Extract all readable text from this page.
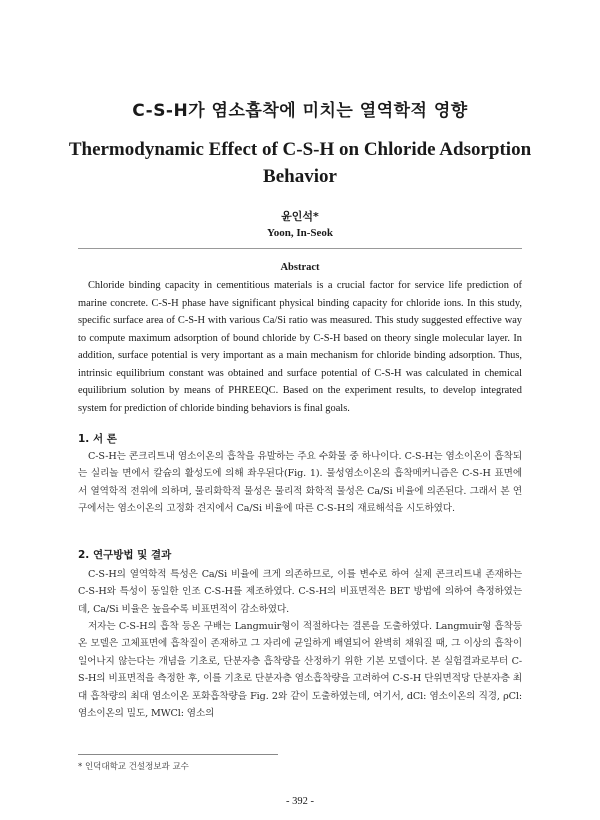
C-S-H가 염소흡착에 미치는 열역학적 영향
Thermodynamic Effect of C-S-H on Chloride Adsorption Behavior
윤인석*
Yoon, In-Seok
Abstract

Chloride binding capacity in cementitious materials is a crucial factor for service life prediction of marine concrete. C-S-H phase have significant physical binding capacity for chloride ions. In this study, specific surface area of C-S-H with various Ca/Si ratio was measured. This study suggested effective way to compute maximum adsorption of bound chloride by C-S-H based on theory single molecular layer. In addition, surface potential is very important as a main mechanism for chloride binding adsorption. Thus, intrinsic equilibrium constant was obtained and surface potential of C-S-H was calculated in chemical equilibrium solution by means of PHREEQC. Based on the experiment results, to develop integrated system for prediction of chloride binding behaviors is final goals.

1. 서 론

C-S-H는 콘크리트내 염소이온의 흡착을 유발하는 주요 수화물 중 하나이다. C-S-H는 염소이온이 흡착되는 실리놀 면에서 칼슘의 활성도에 의해 좌우된다(Fig. 1). 물성염소이온의 흡착메커니즘은 C-S-H 표면에서 열역학적 전위에 의하며, 물리화학적 물성은 물리적 화학적 물성은 Ca/Si 비율에 의존된다. 그래서 본 연구에서는 염소이온의 고정화 견지에서 Ca/Si 비율에 따른 C-S-H의 재료해석을 시도하였다.

2. 연구방법 및 결과

C-S-H의 열역학적 특성은 Ca/Si 비율에 크게 의존하므로, 이를 변수로 하여 실제 콘크리트내 존재하는 C-S-H와 특성이 동일한 인조 C-S-H를 제조하였다. C-S-H의 비표면적은 BET 방법에 의하여 측정하였는데, Ca/Si 비율은 높을수록 비표면적이 감소하였다.

저자는 C-S-H의 흡착 등온 구배는 Langmuir형이 적절하다는 결론을 도출하였다. Langmuir형 흡착등온 모델은 고체표면에 흡착질이 존재하고 그 자리에 균일하게 배열되어 완벽히 채워질 때, 그 이상의 흡착이 일어나지 않는다는 개념을 기초로, 단분자층 흡착량을 산정하기 위한 기본 모델이다. 본 실험결과로부터 C-S-H의 비표면적을 측정한 후, 이를 기초로 단분자층 염소흡착량을 고려하여 C-S-H 단위면적당 단분자층 최대 흡착량의 최대 염소이온 포화흡착량을 Fig. 2와 같이 도출하였는데, 여기서, dCl: 염소이온의 직경, ρCl: 염소이온의 밀도, MWCl: 염소의

* 인덕대학교 건설정보과 교수
- 392 -
